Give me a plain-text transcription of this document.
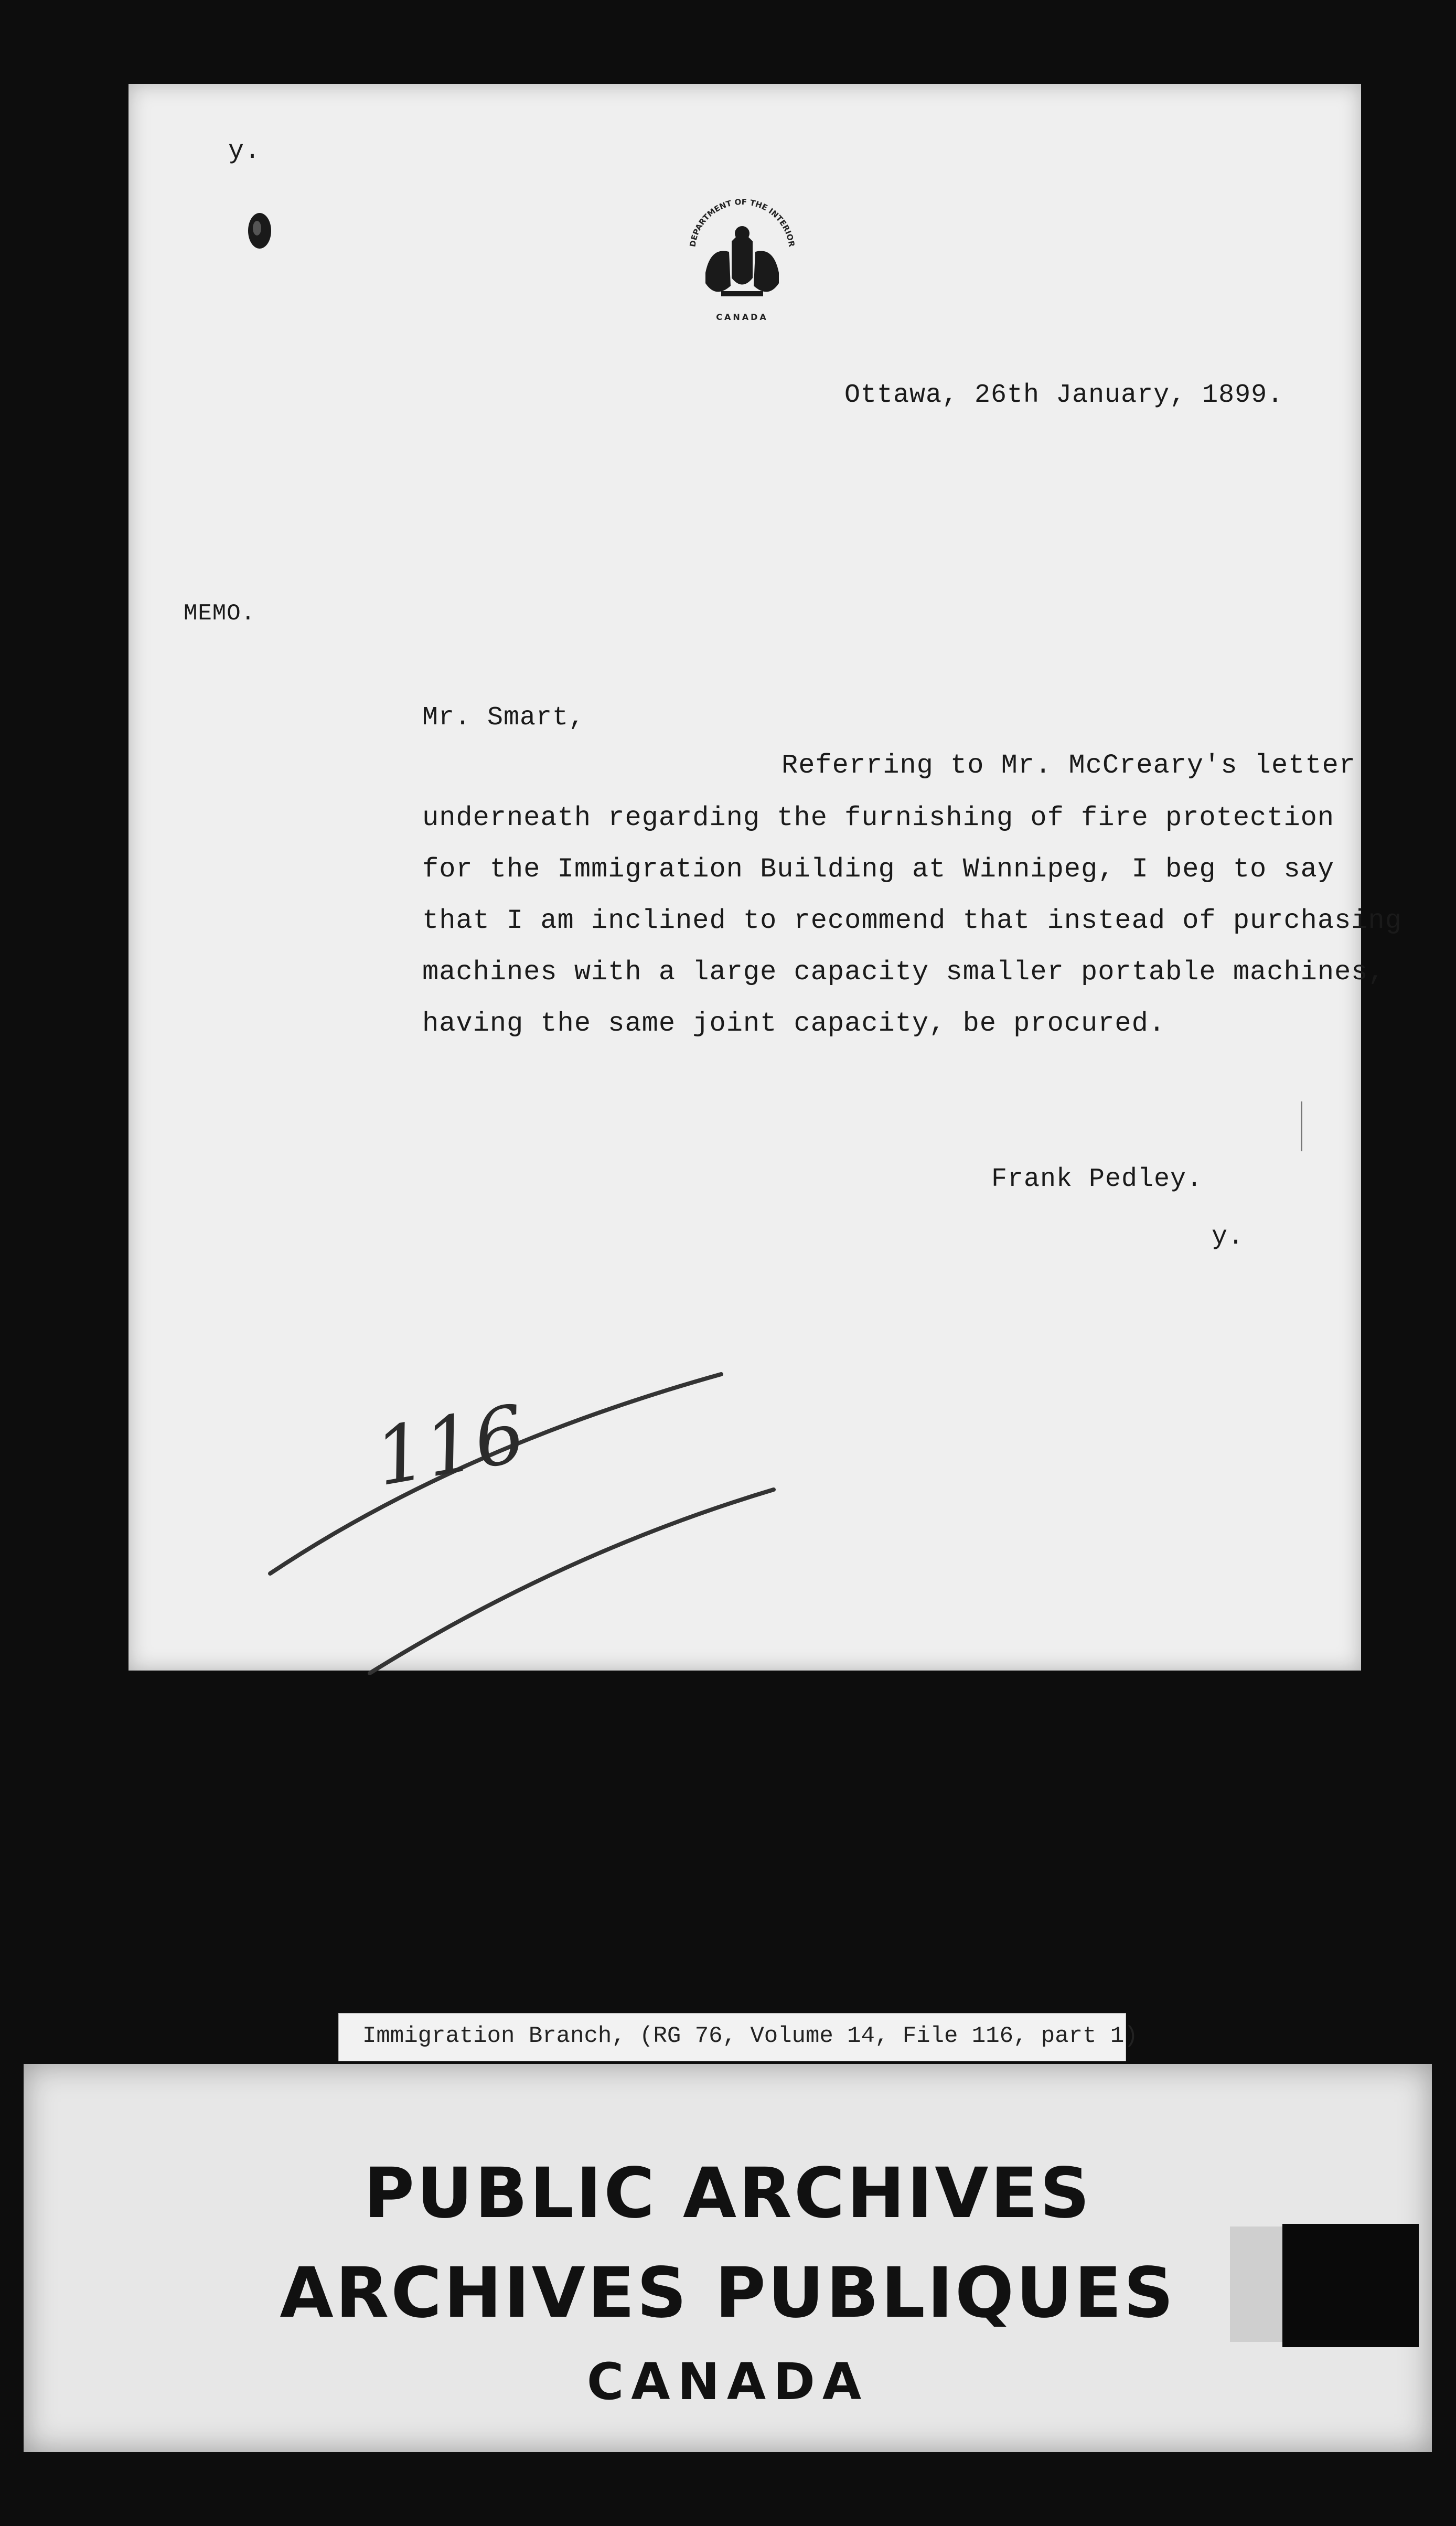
y.
DEPARTMENT OF THE INTERIOR
CANADA
Ottawa, 26th January, 1899.
MEMO.
Mr. Smart,
Referring to Mr. McCreary's letter
underneath regarding the furnishing of fire protection
for the Immigration Building at Winnipeg, I beg to say
that I am inclined to recommend that instead of purchasing
machines with a large capacity smaller portable machines,
having the same joint capacity, be procured.
Frank Pedley.
y.
116
Immigration Branch, (RG 76, Volume 14, File 116, part 1)
PUBLIC ARCHIVES
ARCHIVES PUBLIQUES
CANADA
